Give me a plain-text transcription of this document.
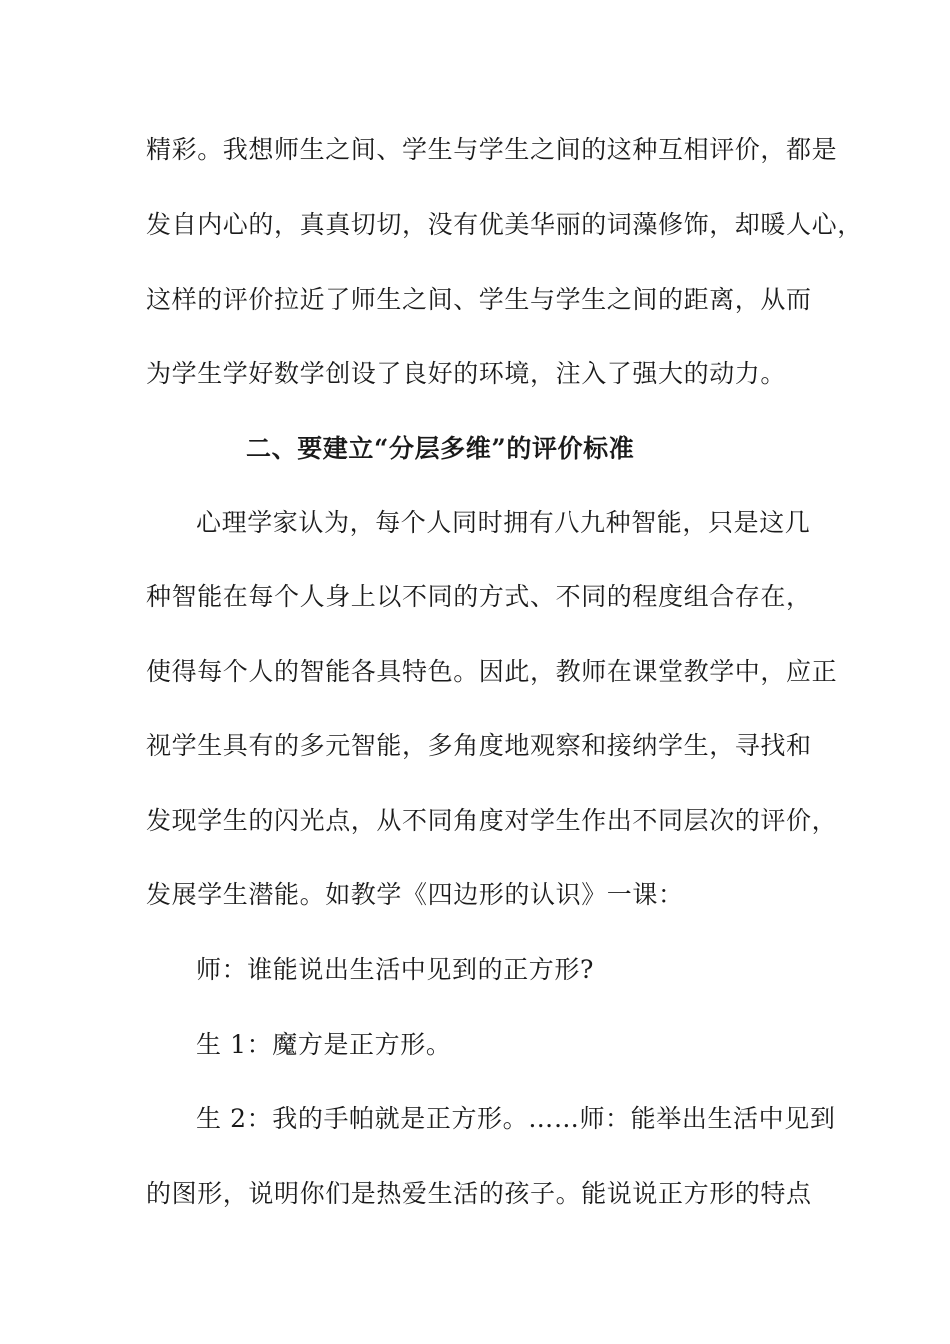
精彩。我想师生之间、学生与学生之间的这种互相评价，都是
发自内心的，真真切切，没有优美华丽的词藻修饰，却暖人心，
这样的评价拉近了师生之间、学生与学生之间的距离，从而
为学生学好数学创设了良好的环境，注入了强大的动力。
二、要建立“分层多维”的评价标准
心理学家认为，每个人同时拥有八九种智能，只是这几
种智能在每个人身上以不同的方式、不同的程度组合存在，
使得每个人的智能各具特色。因此，教师在课堂教学中，应正
视学生具有的多元智能，多角度地观察和接纳学生，寻找和
发现学生的闪光点，从不同角度对学生作出不同层次的评价，
发展学生潜能。如教学《四边形的认识》一课：
师：谁能说出生活中见到的正方形?
生 1：魔方是正方形。
生 2：我的手帕就是正方形。……师：能举出生活中见到
的图形，说明你们是热爱生活的孩子。能说说正方形的特点
